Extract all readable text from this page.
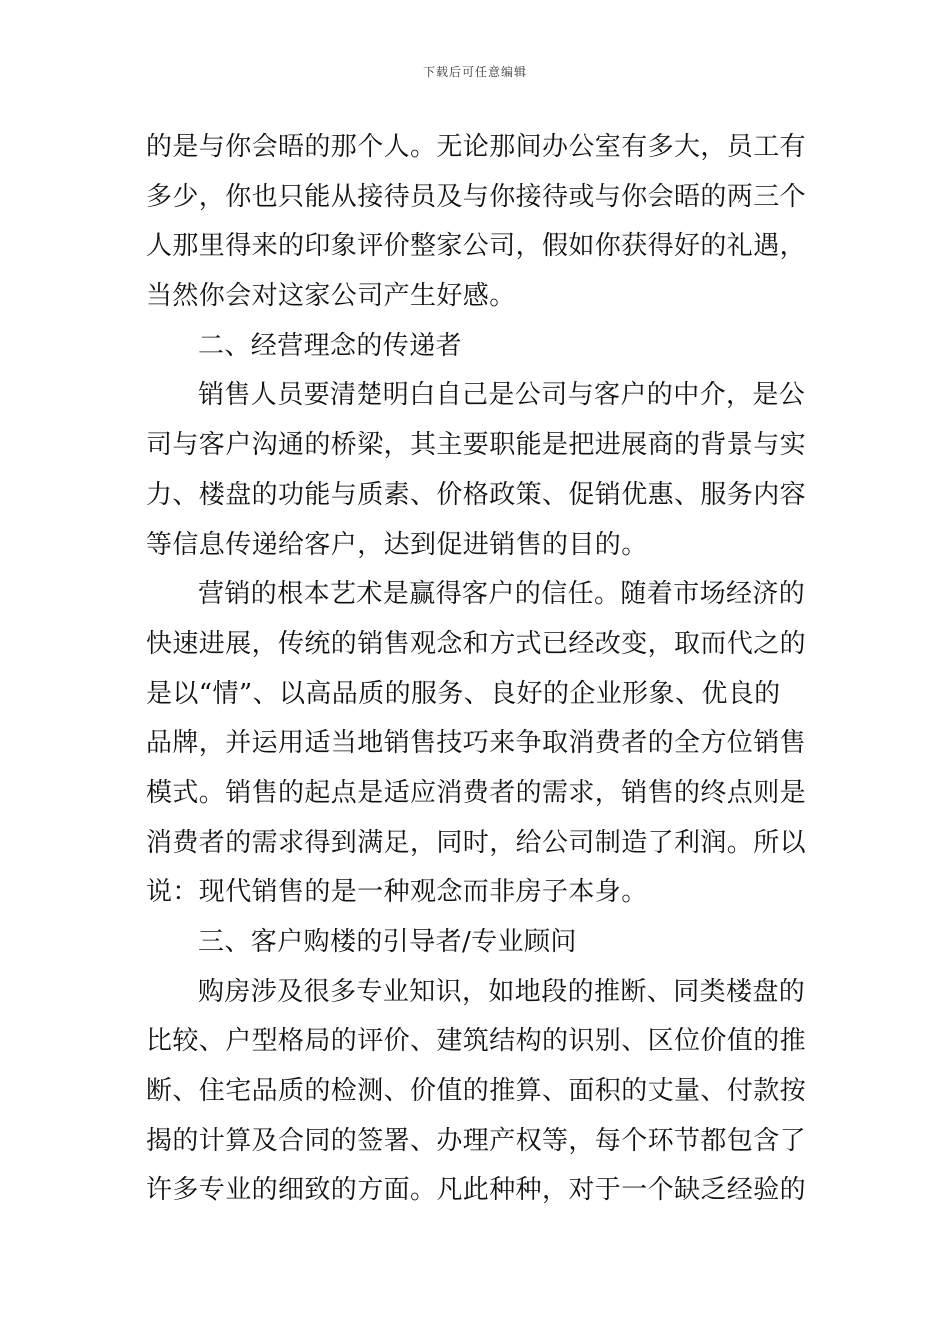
下载后可任意编辑
的是与你会晤的那个人。无论那间办公室有多大，员工有
多少，你也只能从接待员及与你接待或与你会晤的两三个
人那里得来的印象评价整家公司，假如你获得好的礼遇，
当然你会对这家公司产生好感。
二、经营理念的传递者
销售人员要清楚明白自己是公司与客户的中介，是公
司与客户沟通的桥梁，其主要职能是把进展商的背景与实
力、楼盘的功能与质素、价格政策、促销优惠、服务内容
等信息传递给客户，达到促进销售的目的。
营销的根本艺术是赢得客户的信任。随着市场经济的
快速进展，传统的销售观念和方式已经改变，取而代之的
是以“情”、以高品质的服务、良好的企业形象、优良的
品牌，并运用适当地销售技巧来争取消费者的全方位销售
模式。销售的起点是适应消费者的需求，销售的终点则是
消费者的需求得到满足，同时，给公司制造了利润。所以
说：现代销售的是一种观念而非房子本身。
三、客户购楼的引导者/专业顾问
购房涉及很多专业知识，如地段的推断、同类楼盘的
比较、户型格局的评价、建筑结构的识别、区位价值的推
断、住宅品质的检测、价值的推算、面积的丈量、付款按
揭的计算及合同的签署、办理产权等，每个环节都包含了
许多专业的细致的方面。凡此种种，对于一个缺乏经验的
